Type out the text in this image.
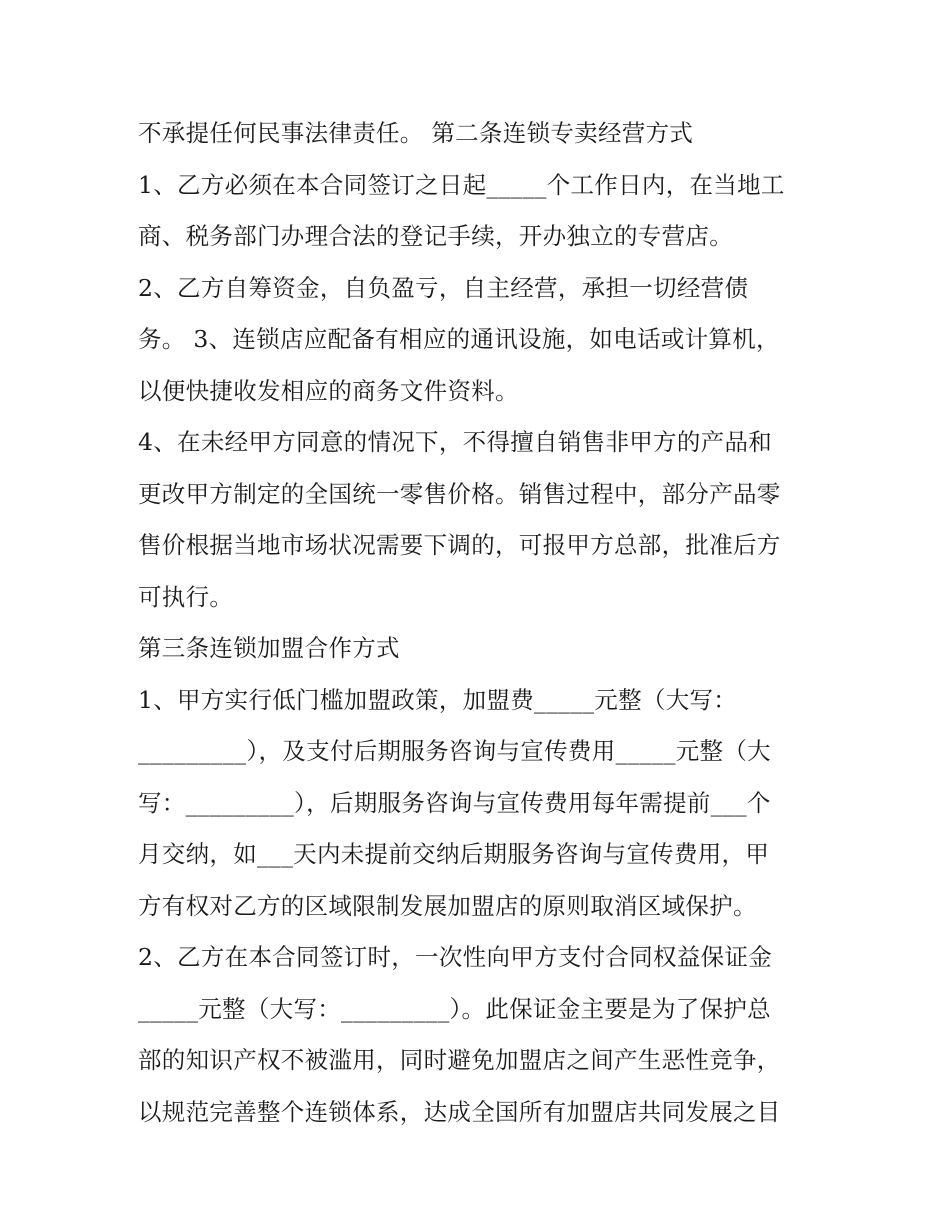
不承提任何民事法律责任。 第二条连锁专卖经营方式
1、乙方必须在本合同签订之日起_____个工作日内，在当地工
商、税务部门办理合法的登记手续，开办独立的专营店。
2、乙方自筹资金，自负盈亏，自主经营，承担一切经营债
务。 3、连锁店应配备有相应的通讯设施，如电话或计算机，
以便快捷收发相应的商务文件资料。
4、在未经甲方同意的情况下，不得擅自销售非甲方的产品和
更改甲方制定的全国统一零售价格。销售过程中，部分产品零
售价根据当地市场状况需要下调的，可报甲方总部，批准后方
可执行。
第三条连锁加盟合作方式
1、甲方实行低门槛加盟政策，加盟费_____元整（大写：
_________），及支付后期服务咨询与宣传费用_____元整（大
写：_________），后期服务咨询与宣传费用每年需提前___个
月交纳，如___天内未提前交纳后期服务咨询与宣传费用，甲
方有权对乙方的区域限制发展加盟店的原则取消区域保护。
2、乙方在本合同签订时，一次性向甲方支付合同权益保证金
_____元整（大写：_________）。此保证金主要是为了保护总
部的知识产权不被滥用，同时避免加盟店之间产生恶性竞争，
以规范完善整个连锁体系，达成全国所有加盟店共同发展之目
